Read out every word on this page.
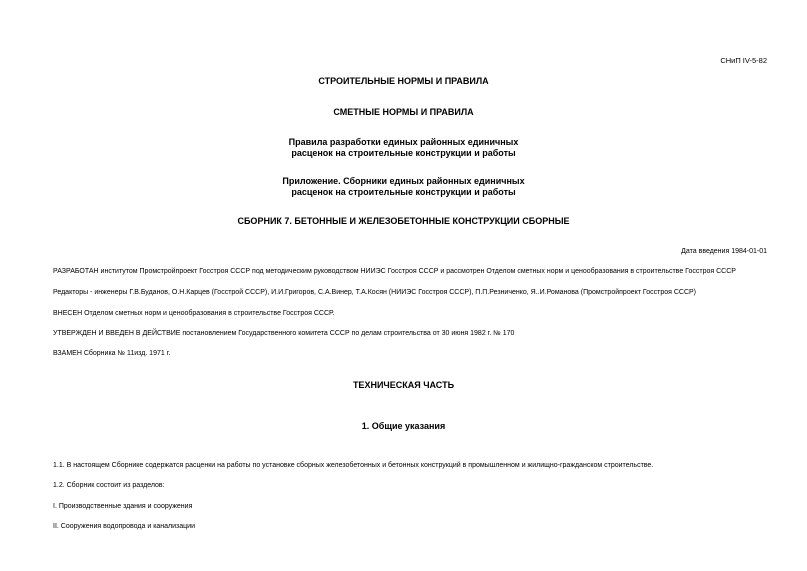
СНиП IV-5-82
СТРОИТЕЛЬНЫЕ НОРМЫ И ПРАВИЛА
СМЕТНЫЕ НОРМЫ И ПРАВИЛА
Правила разработки единых районных единичных
расценок на строительные конструкции и работы
Приложение. Сборники единых районных единичных
расценок на строительные конструкции и работы
СБОРНИК 7. БЕТОННЫЕ И ЖЕЛЕЗОБЕТОННЫЕ КОНСТРУКЦИИ СБОРНЫЕ
Дата введения 1984-01-01
РАЗРАБОТАН институтом Промстройпроект Госстроя СССР под методическим руководством НИИЭС Госстроя СССР и рассмотрен Отделом сметных норм и ценообразования в строительстве Госстроя СССР
Редакторы - инженеры Г.В.Буданов, О.Н.Карцев (Госстрой СССР), И.И.Григоров, С.А.Винер, Т.А.Косян (НИИЭС Госстроя СССР), П.П.Резниченко, Я..И.Романова (Промстройпроект Госстроя СССР)
ВНЕСЕН Отделом сметных норм и ценообразования в строительстве Госстроя СССР.
УТВЕРЖДЕН И ВВЕДЕН В ДЕЙСТВИЕ постановлением Государственного комитета СССР по делам строительства от 30 июня 1982 г. № 170
ВЗАМЕН Сборника № 11изд. 1971 г.
ТЕХНИЧЕСКАЯ ЧАСТЬ
1. Общие указания
1.1. В настоящем Сборнике содержатся расценки на работы по установке сборных железобетонных и бетонных конструкций в промышленном и жилищно-гражданском строительстве.
1.2. Сборник состоит из разделов:
I. Производственные здания и сооружения
II. Сооружения водопровода и канализации
